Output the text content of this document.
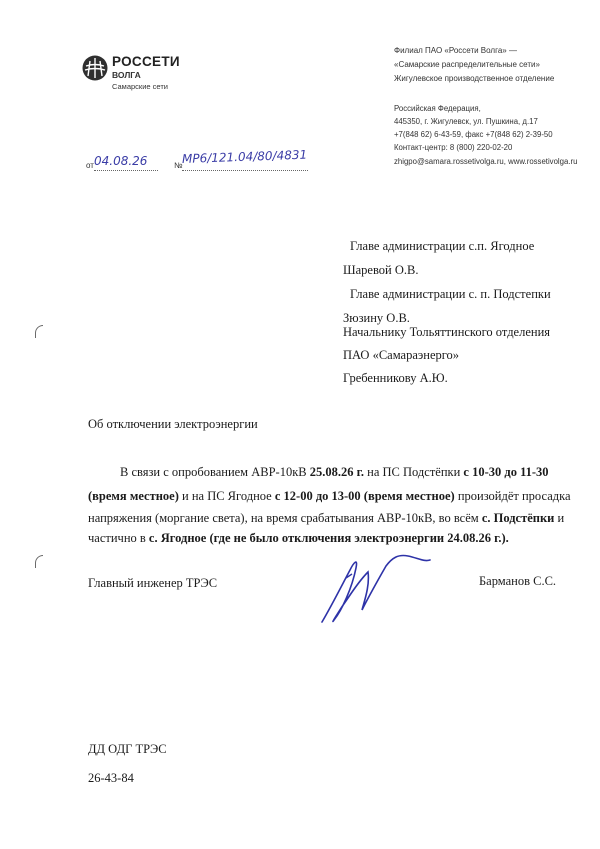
РОССЕТИ
ВОЛГА
Самарские сети
Филиал ПАО «Россети Волга» —
«Самарские распределительные сети»
Жигулевское производственное отделение
Российская Федерация,
445350, г. Жигулевск, ул. Пушкина, д.17
+7(848 62) 6-43-59, факс +7(848 62) 2-39-50
Контакт-центр: 8 (800) 220-02-20
zhigpo@samara.rossetivolga.ru, www.rossetivolga.ru
от 04.08.26	№ МР6/121.04/80/4831
Главе администрации с.п. Ягодное
Шаревой О.В.
Главе администрации с. п. Подстепки
Зюзину О.В.
Начальнику Тольяттинского отделения
ПАО «Самараэнерго»
Гребенникову А.Ю.
Об отключении электроэнергии
В связи с опробованием АВР-10кВ 25.08.26 г. на ПС Подстёпки с 10-30 до 11-30
(время местное) и на ПС Ягодное с 12-00 до 13-00 (время местное) произойдёт просадка
напряжения (моргание света), на время срабатывания АВР-10кВ, во всём с. Подстёпки и
частично в с. Ягодное (где не было отключения электроэнергии 24.08.26 г.).
Главный инженер ТРЭС	Барманов С.С.
ДД ОДГ ТРЭС
26-43-84
